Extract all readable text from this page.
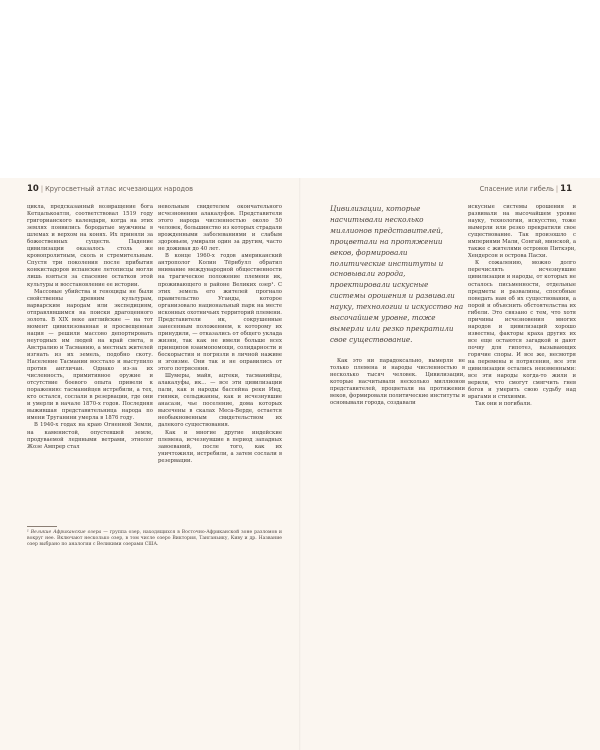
10 | Кругосветный атлас исчезающих народов

цикла, предсказанный возвращение бога Кетцалькоатля, соответствовал 1519 году григорианского календаря, когда на этих землях появились бородатые мужчины в шлемах и верхом на конях. Их приняли за божественных существ. Падение цивилизации оказалось столь же кровопролитным, сколь и стремительным. Спустя три поколения после прибытия конкистадоров испанские летописцы могли лишь взяться за спасение остатков этой культуры и восстановление ее истории.

Массовые убийства и геноциды не были свойственны древним культурам, варварским народам или экспедициям, отправлявшимся на поиски драгоценного золота. В XIX веке английские — на тот момент цивилизованная и просвещенная нация — решили массово депортировать неугодных им людей на край света, в Австралию и Тасманию, а местных жителей изгнать из их земель, подобно скоту. Население Тасмании восстало и выступило против англичан. Однако из-за их численность, примитивное оружие и отсутствие боевого опыта привели к поражению: тасманийцев истребили, а тех, кто остался, сослали в резервации, где они и умерли в начале 1870-х годов. Последняя выжившая представительница народа по имени Труганини умерла в 1876 году.

В 1940-х годах на краю Огненной Земли, на каменистой, опустевшей земле, продуваемой ледяными ветрами, этнолог Жозе Ампрер стал

невольным свидетелем окончательного исчезновения алакалуфов. Представители этого народа численностью около 50 человек, большинство из которых страдали врожденными заболеваниями и слабым здоровьем, умирали один за другим, часто не доживая до 40 лет.

В конце 1960-х годов американский антрополог Колин Тёрнбулл обратил внимание международной общественности на трагическое положение племени ик, проживающего в районе Великих озер¹. С этих земель его жителей прогнало правительство Уганды, которое организовало национальный парк на месте исконных охотничьих территорий племени. Представители ик, сокрушенные занесенным положением, к которому их принудили, — отказались от общего уклада жизни, так как не имели больше всех принципов взаимопомощи, солидарности и бескорыстия и погрязли в личной наживе и эгоизме. Они так и не оправились от этого потрясения.

Шумеры, майя, ацтеки, тасманийцы, алакалуфы, ик... — все эти цивилизации пали, как и народы бассейна реки Инд, гиянки, сельджанны, как и исчезнувшие анасази, чье поселение, дома которых высечены в скалах Меса-Верде, остается необыкновенным свидетельством их далекого существования.

Как и многие другие индейские племена, исчезнувшие в период западных завоеваний, после того, как их уничтожили, истребили, а затем сослали в резервации.

¹ Великие Африканские озера — группа озер, находящихся в Восточно-Африканской зоне разломов и вокруг нее. Включают несколько озер, в том числе озеро Виктория, Танганьику, Киву и др. Название озер выбрано по аналогии с Великими озерами США.
Спасение или гибель | 11

Цивилизации, которые насчитывали несколько миллионов представителей, процветали на протяжении веков, формировали политические институты и основывали города, проектировали искусные системы орошения и развивали науку, технологии и искусство на высочайшем уровне, тоже вымерли или резко прекратили свое существование.

Как это ни парадоксально, вымерли не только племена и народы численностью в несколько тысяч человек. Цивилизации, которые насчитывали несколько миллионов представителей, процветали на протяжении веков, формировали политические институты и основывали города, создавали

искусные системы орошения и развивали на высочайшем уровне науку, технологии, искусство, тоже вымерли или резко прекратили свое существование. Так произошло с империями Мали, Сонгай, минской, а также с жителями островов Питкэрн, Хендерсон и острова Пасхи.

К сожалению, можно долго перечислять исчезнувшие цивилизации и народы, от которых не осталось письменности, отдельные предметы и развалины, способные поведать нам об их существовании, а порой и объяснить обстоятельства их гибели. Это связано с тем, что хотя причины исчезновения многих народов и цивилизаций хорошо известны, факторы краха других их все еще остаются загадкой и дают почву для гипотез, вызывающих горячие споры. И все же, несмотря на перемены и потрясения, все эти цивилизации остались неизменными: все эти народы когда-то жили и верили, что смогут смягчить гнев богов и умерить свою судьбу над врагами и стихиями.

Так они и погибали.
